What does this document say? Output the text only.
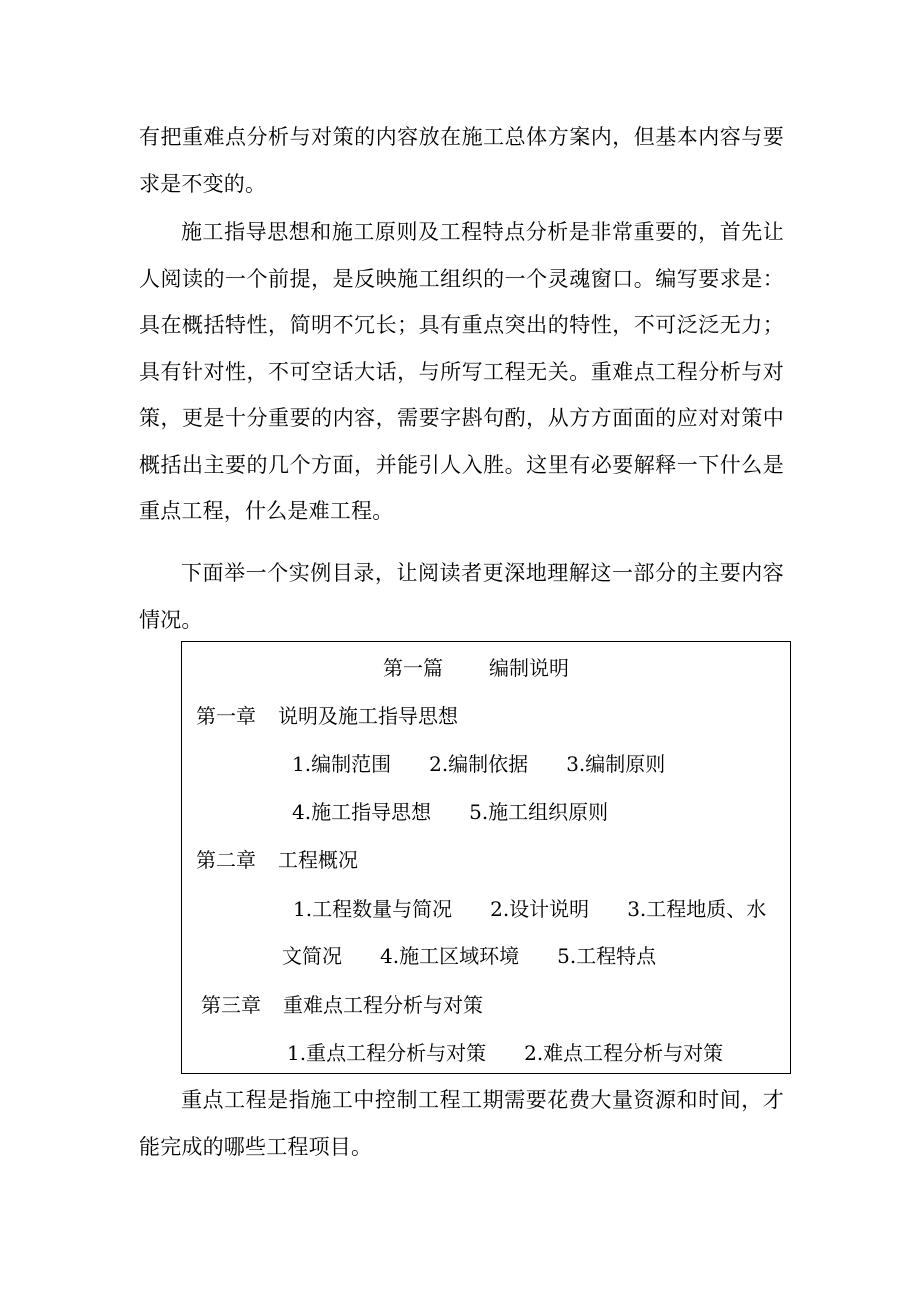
有把重难点分析与对策的内容放在施工总体方案内，但基本内容与要求是不变的。

施工指导思想和施工原则及工程特点分析是非常重要的，首先让人阅读的一个前提，是反映施工组织的一个灵魂窗口。编写要求是：具在概括特性，简明不冗长；具有重点突出的特性，不可泛泛无力；具有针对性，不可空话大话，与所写工程无关。重难点工程分析与对策，更是十分重要的内容，需要字斟句酌，从方方面面的应对对策中概括出主要的几个方面，并能引人入胜。这里有必要解释一下什么是重点工程，什么是难工程。

下面举一个实例目录，让阅读者更深地理解这一部分的主要内容情况。

第一篇 编制说明
第一章 说明及施工指导思想
1.编制范围 2.编制依据 3.编制原则
4.施工指导思想 5.施工组织原则
第二章 工程概况
1.工程数量与简况 2.设计说明 3.工程地质、水
文简况 4.施工区域环境 5.工程特点
第三章 重难点工程分析与对策
1.重点工程分析与对策 2.难点工程分析与对策

重点工程是指施工中控制工程工期需要花费大量资源和时间，才能完成的哪些工程项目。
